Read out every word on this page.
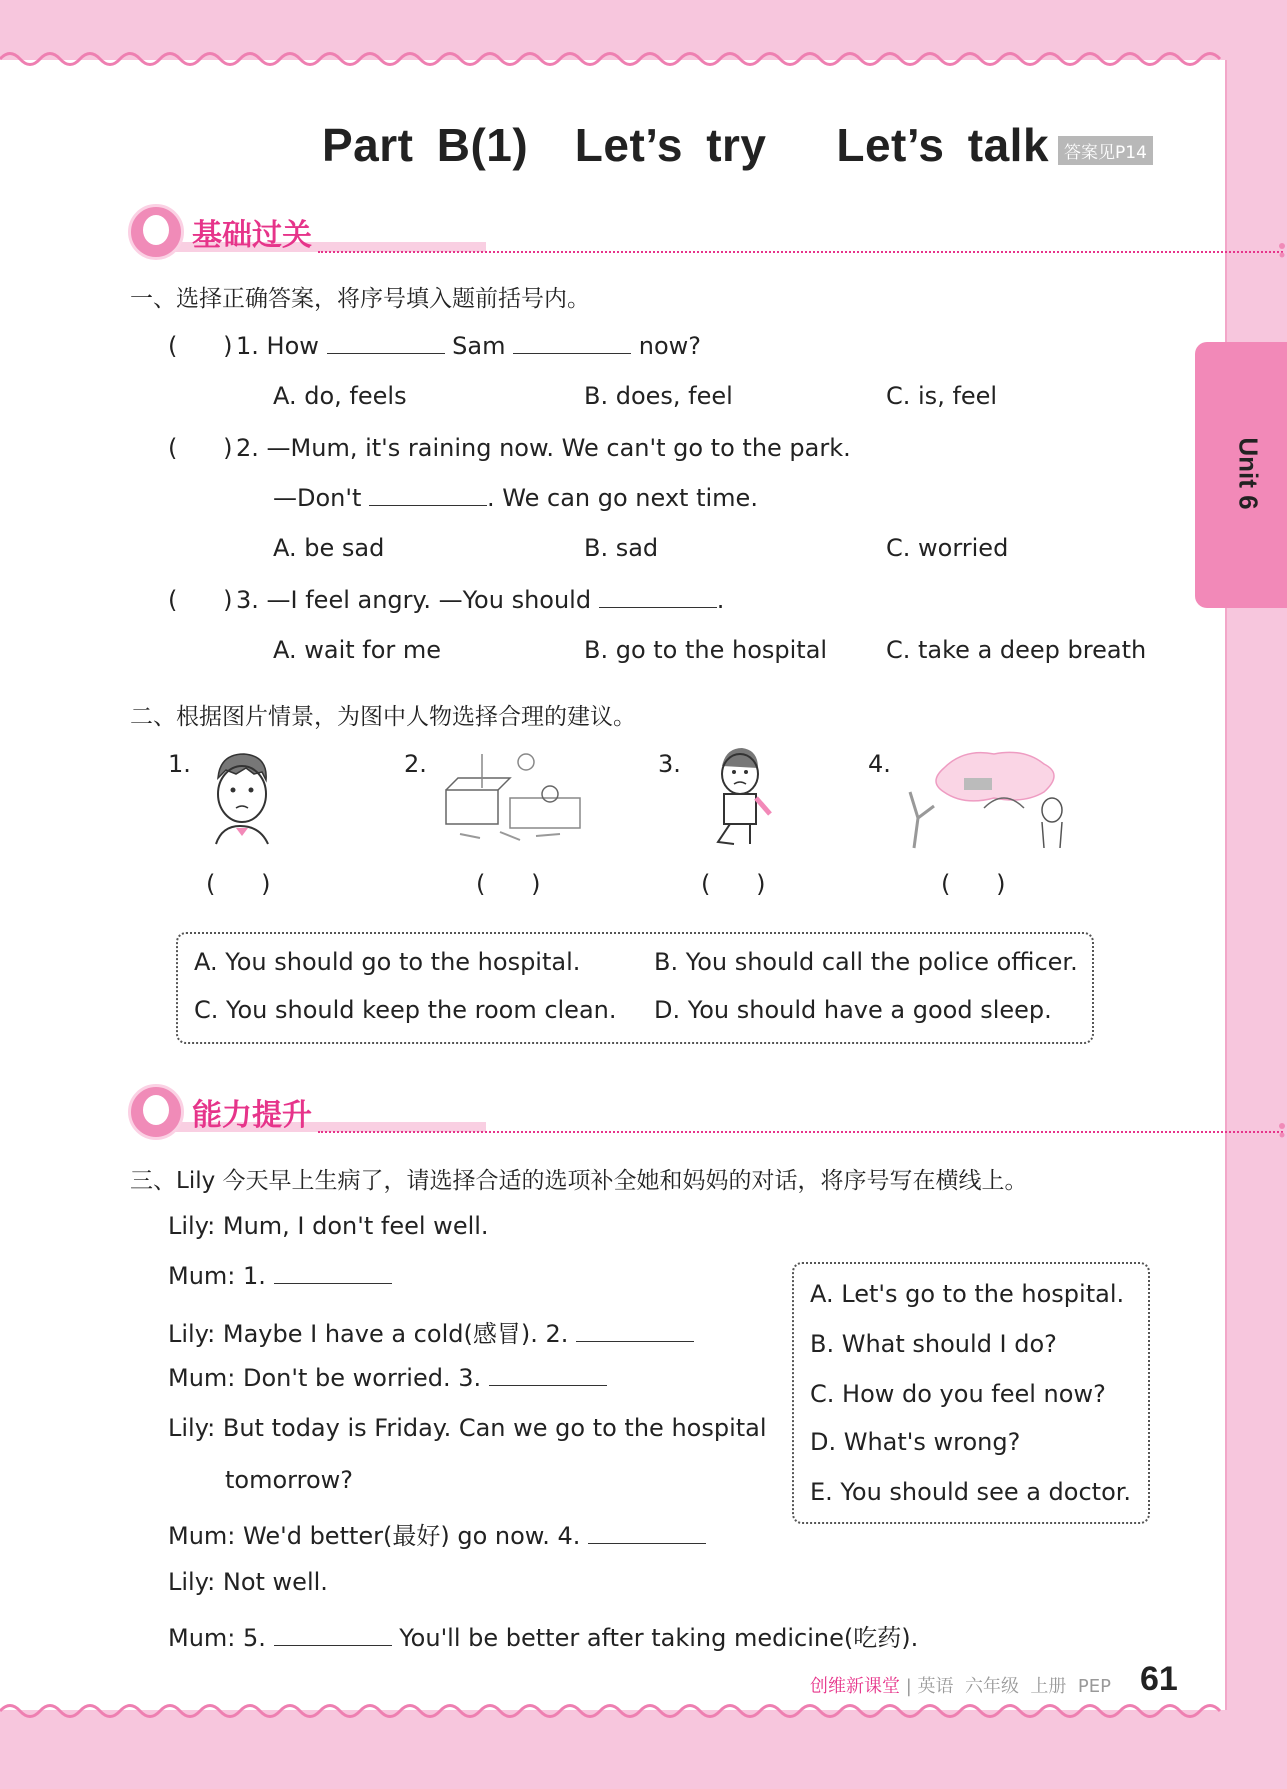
Unit 6
Part B(1)  Let’s try   Let’s talk 答案见P14
基础过关
一、选择正确答案，将序号填入题前括号内。
(      ) 1. How	Sam	now?
A. do, feels	B. does, feel	C. is, feel
(      ) 2. —Mum, it's raining now. We can't go to the park.
—Don't	. We can go next time.
A. be sad	B. sad	C. worried
(      ) 3. —I feel angry. —You should	.
A. wait for me	B. go to the hospital C. take a deep breath
二、根据图片情景，为图中人物选择合理的建议。
1.
(      )
2.
(      )
3.
(      )
4.
(      )
A. You should go to the hospital.	B. You should call the police officer.
C. You should keep the room clean. D. You should have a good sleep.
能力提升
三、Lily 今天早上生病了，请选择合适的选项补全她和妈妈的对话，将序号写在横线上。
Lily: Mum, I don't feel well.
Mum: 1.
Lily: Maybe I have a cold(感冒). 2.
Mum: Don't be worried. 3.
Lily: But today is Friday. Can we go to the hospital
tomorrow?
Mum: We'd better(最好) go now. 4.
Lily: Not well.
Mum: 5.	You'll be better after taking medicine(吃药).
A. Let's go to the hospital.
B. What should I do?
C. How do you feel now?
D. What's wrong?
E. You should see a doctor.
创维新课堂 | 英语  六年级  上册  PEP 61
